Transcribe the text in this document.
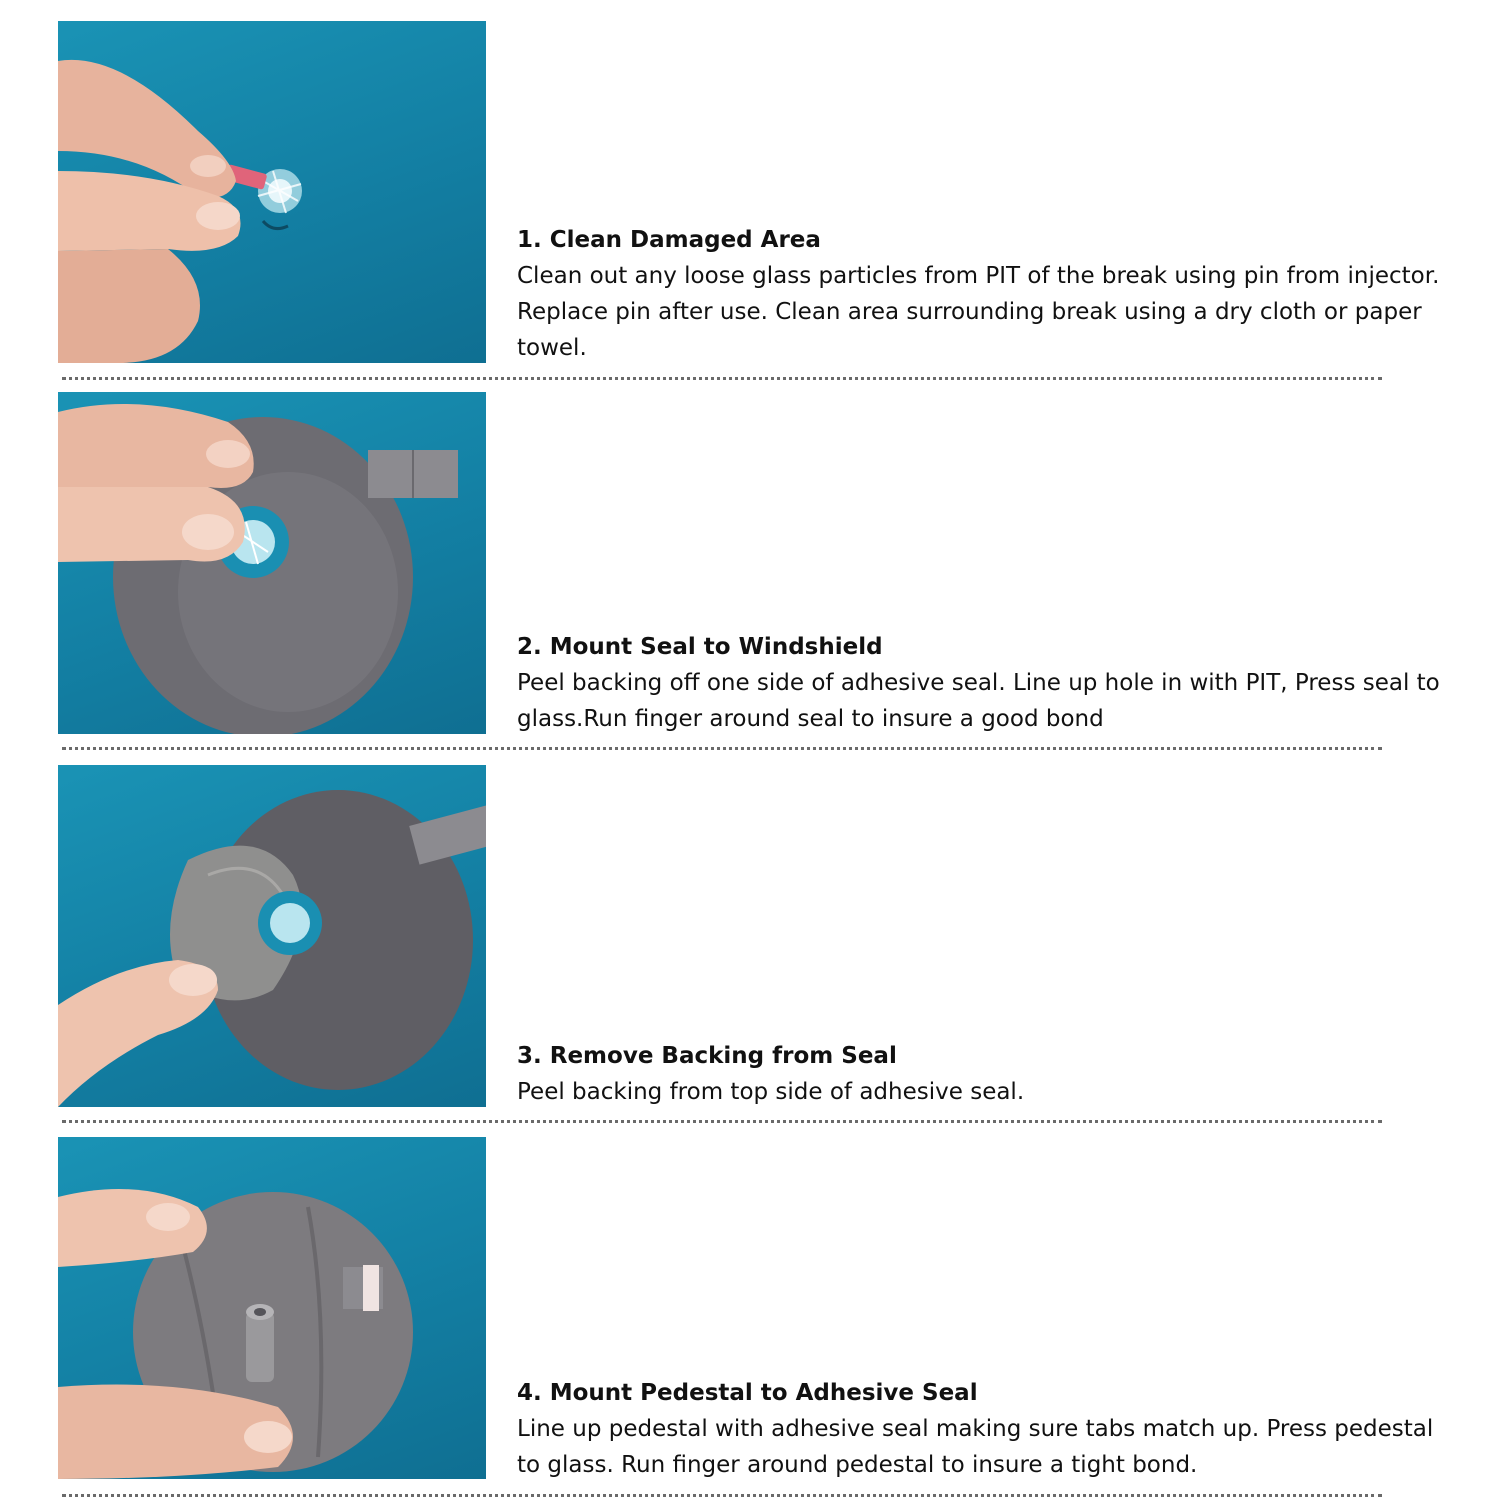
1. Clean Damaged Area

Clean out any loose glass particles from PIT of the break using pin from injector. Replace pin after use. Clean area surrounding break using a dry cloth or paper towel.

2. Mount Seal to Windshield

Peel backing off one side of adhesive seal. Line up hole in with PIT, Press seal to glass.Run finger around seal to insure a good bond

3. Remove Backing from Seal

Peel backing from top side of adhesive seal.

4. Mount Pedestal to Adhesive Seal

Line up pedestal with adhesive seal making sure tabs match up. Press pedestal to glass. Run finger around pedestal to insure a tight bond.
